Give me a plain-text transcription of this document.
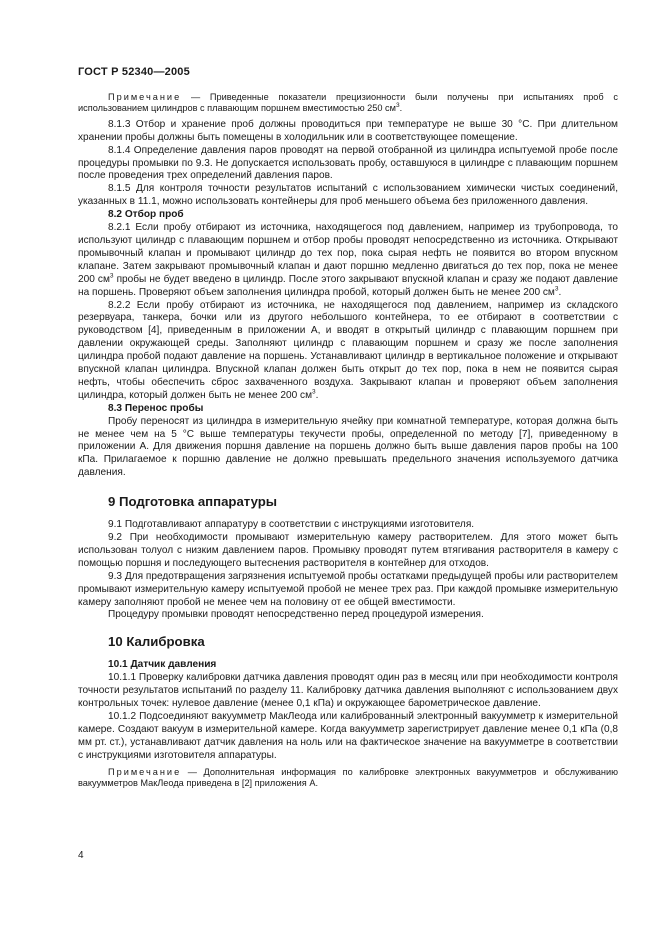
ГОСТ Р 52340—2005

Примечание — Приведенные показатели прецизионности были получены при испытаниях проб с использованием цилиндров с плавающим поршнем вместимостью 250 $см^3$.

8.1.3 Отбор и хранение проб должны проводиться при температуре не выше 30 °С. При длительном хранении пробы должны быть помещены в холодильник или в соответствующее помещение.

8.1.4 Определение давления паров проводят на первой отобранной из цилиндра испытуемой пробе после процедуры промывки по 9.3. Не допускается использовать пробу, оставшуюся в цилиндре с плавающим поршнем после проведения трех определений давления паров.

8.1.5 Для контроля точности результатов испытаний с использованием химически чистых соединений, указанных в 11.1, можно использовать контейнеры для проб меньшего объема без приложенного давления.

8.2 Отбор проб

8.2.1 Если пробу отбирают из источника, находящегося под давлением, например из трубопровода, то используют цилиндр с плавающим поршнем и отбор пробы проводят непосредственно из источника. Открывают промывочный клапан и промывают цилиндр до тех пор, пока сырая нефть не появится во втором впускном клапане. Затем закрывают промывочный клапан и дают поршню медленно двигаться до тех пор, пока не менее 200 $см^3$ пробы не будет введено в цилиндр. После этого закрывают впускной клапан и сразу же подают давление на поршень. Проверяют объем заполнения цилиндра пробой, который должен быть не менее 200 $см^3$.

8.2.2 Если пробу отбирают из источника, не находящегося под давлением, например из складского резервуара, танкера, бочки или из другого небольшого контейнера, то ее отбирают в соответствии с руководством [4], приведенным в приложении А, и вводят в открытый цилиндр с плавающим поршнем при давлении окружающей среды. Заполняют цилиндр с плавающим поршнем и сразу же после заполнения цилиндра пробой подают давление на поршень. Устанавливают цилиндр в вертикальное положение и открывают впускной клапан цилиндра. Впускной клапан должен быть открыт до тех пор, пока в нем не появится сырая нефть, чтобы обеспечить сброс захваченного воздуха. Закрывают клапан и проверяют объем заполнения цилиндра, который должен быть не менее 200 $см^3$.

8.3 Перенос пробы

Пробу переносят из цилиндра в измерительную ячейку при комнатной температуре, которая должна быть не менее чем на 5 °С выше температуры текучести пробы, определенной по методу [7], приведенному в приложении А. Для движения поршня давление на поршень должно быть выше давления паров пробы на 100 кПа. Прилагаемое к поршню давление не должно превышать предельного значения используемого датчика давления.

9 Подготовка аппаратуры

9.1 Подготавливают аппаратуру в соответствии с инструкциями изготовителя.

9.2 При необходимости промывают измерительную камеру растворителем. Для этого может быть использован толуол с низким давлением паров. Промывку проводят путем втягивания растворителя в камеру с помощью поршня и последующего вытеснения растворителя в контейнер для отходов.

9.3 Для предотвращения загрязнения испытуемой пробы остатками предыдущей пробы или растворителем промывают измерительную камеру испытуемой пробой не менее трех раз. При каждой промывке измерительную камеру заполняют пробой не менее чем на половину от ее общей вместимости.

Процедуру промывки проводят непосредственно перед процедурой измерения.

10 Калибровка

10.1 Датчик давления

10.1.1 Проверку калибровки датчика давления проводят один раз в месяц или при необходимости контроля точности результатов испытаний по разделу 11. Калибровку датчика давления выполняют с использованием двух контрольных точек: нулевое давление (менее 0,1 кПа) и окружающее барометрическое давление.

10.1.2 Подсоединяют вакуумметр МакЛеода или калиброванный электронный вакуумметр к измерительной камере. Создают вакуум в измерительной камере. Когда вакуумметр зарегистрирует давление менее 0,1 кПа (0,8 мм рт. ст.), устанавливают датчик давления на ноль или на фактическое значение на вакуумметре в соответствии с инструкциями изготовителя аппаратуры.

Примечание — Дополнительная информация по калибровке электронных вакуумметров и обслуживанию вакуумметров МакЛеода приведена в [2] приложения А.

4
